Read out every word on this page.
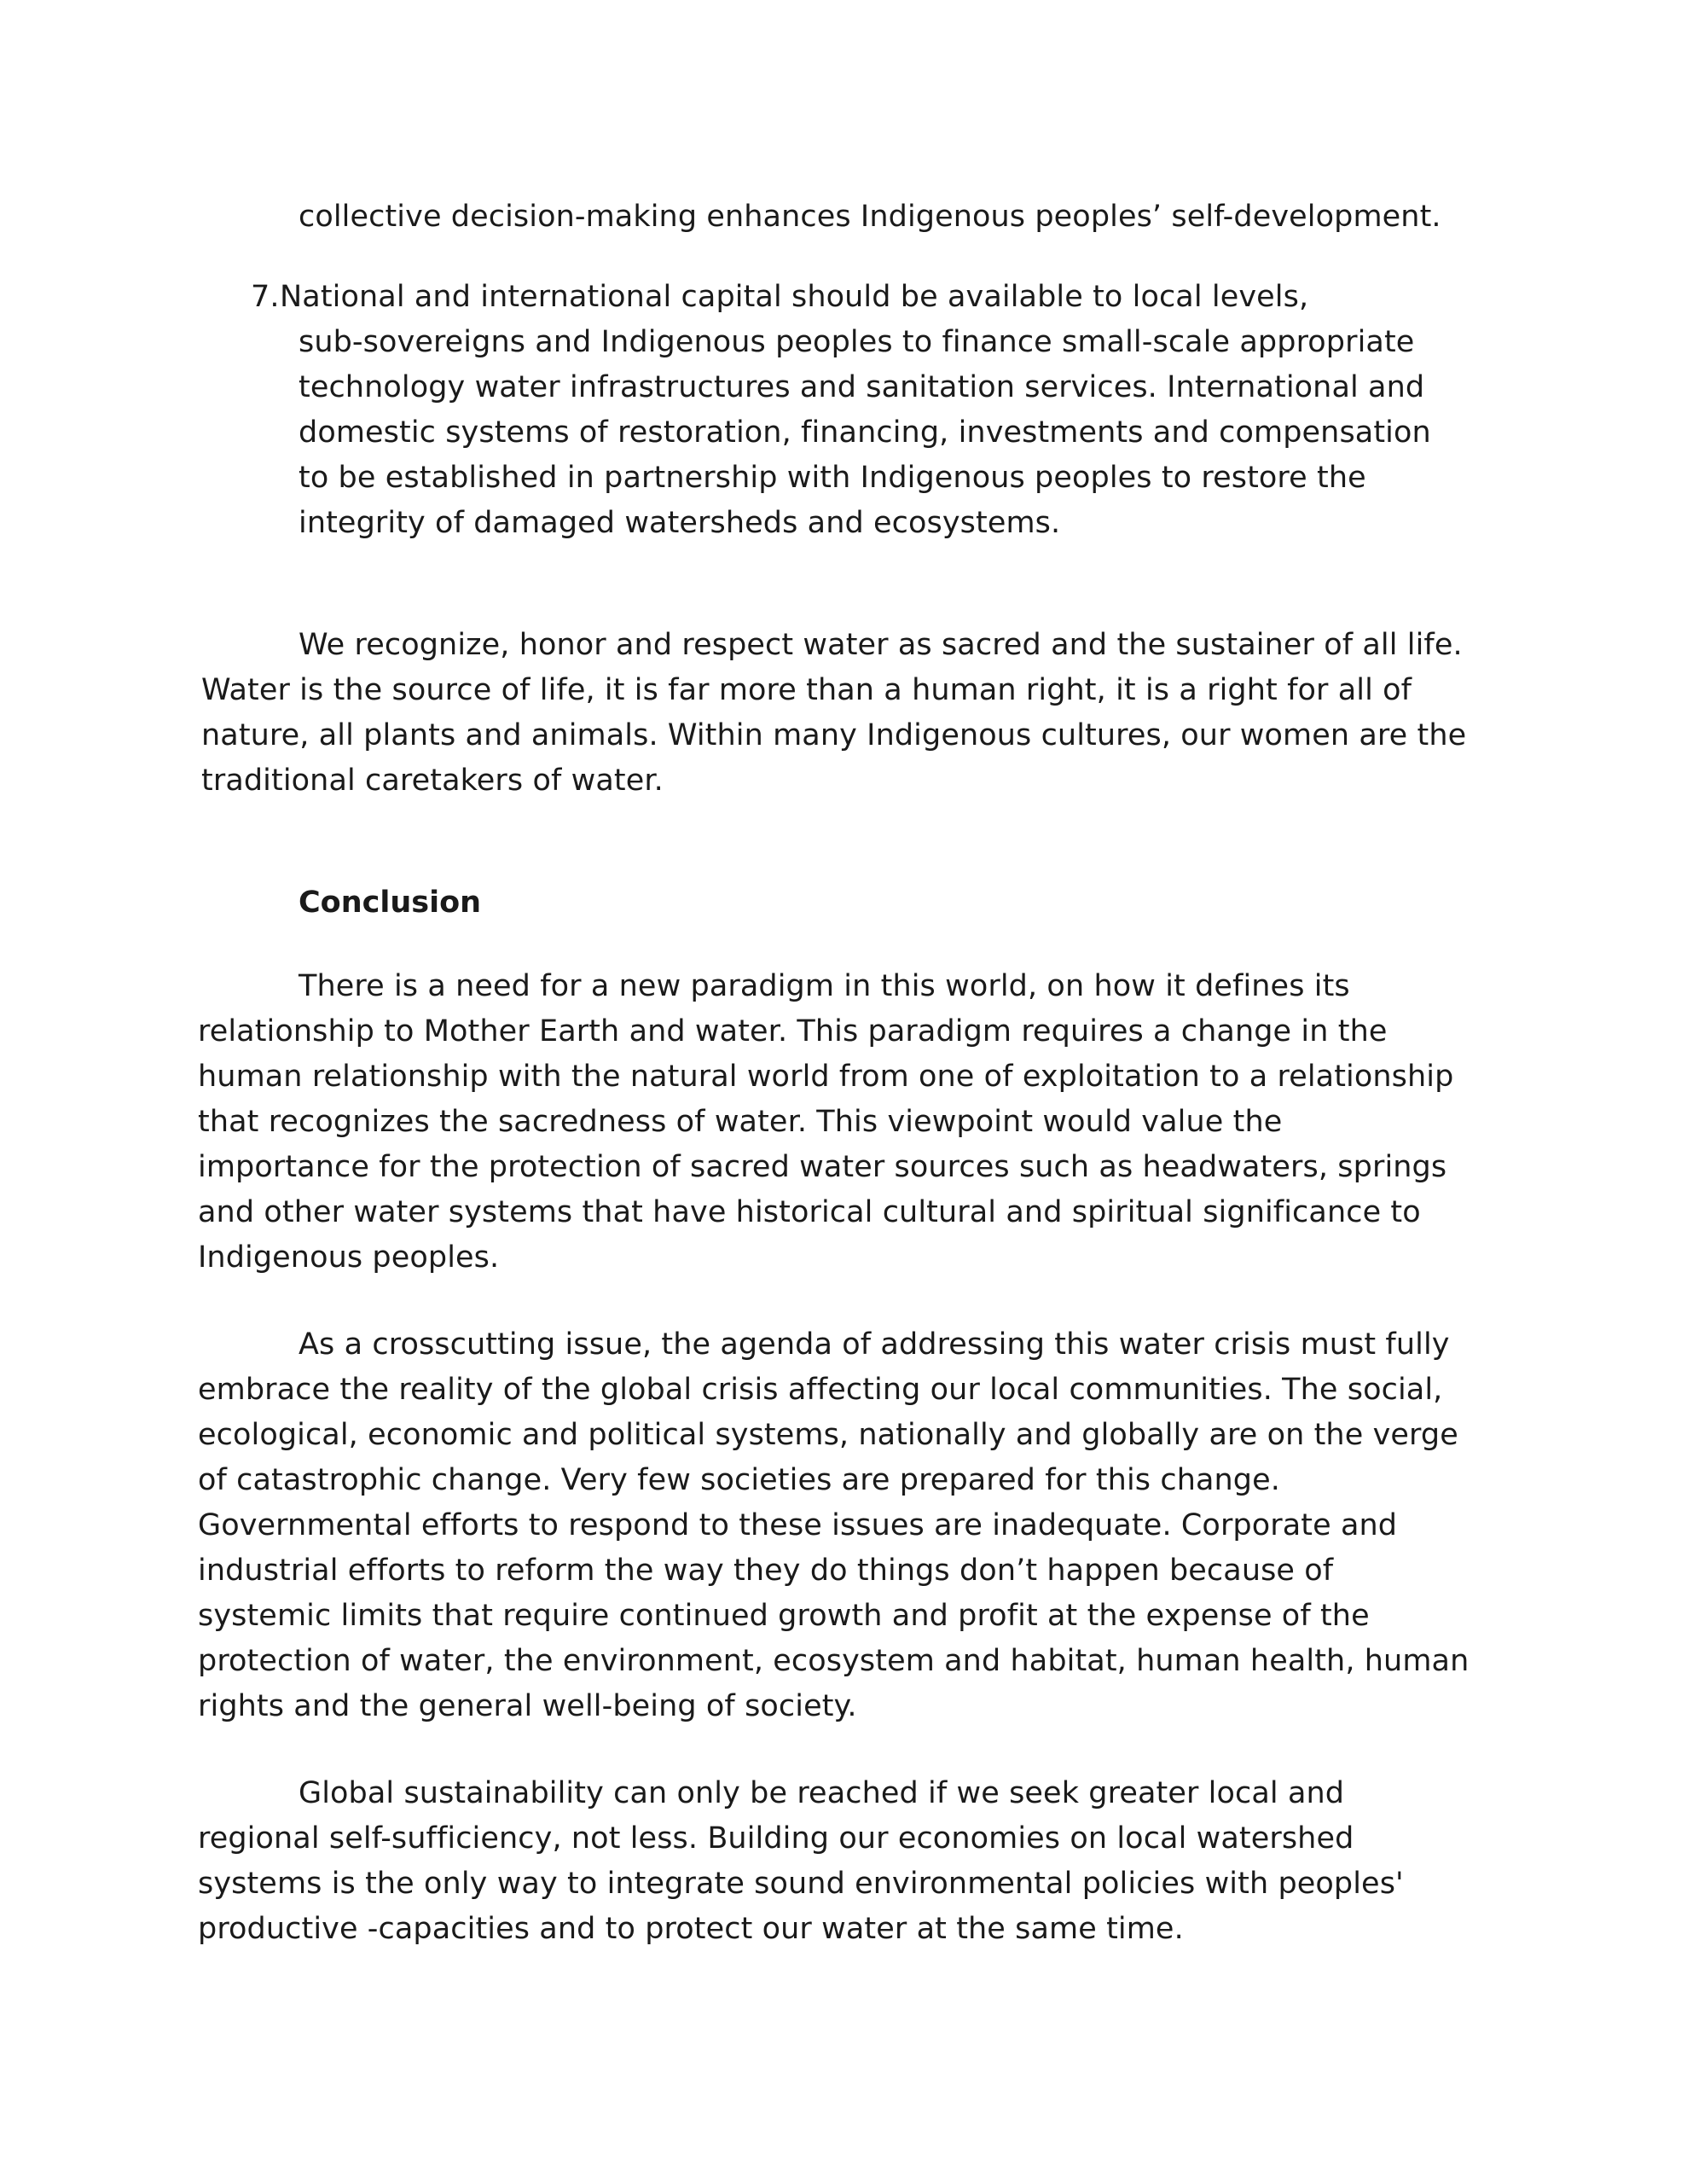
collective decision-making enhances Indigenous peoples’ self-development.
7. National and international capital should be available to local levels,
sub-sovereigns and Indigenous peoples to finance small-scale appropriate
technology water infrastructures and sanitation services. International and
domestic systems of restoration, financing, investments and compensation
to be established in partnership with Indigenous peoples to restore the
integrity of damaged watersheds and ecosystems.
We recognize, honor and respect water as sacred and the sustainer of all life.
Water is the source of life, it is far more than a human right, it is a right for all of
nature, all plants and animals. Within many Indigenous cultures, our women are the
traditional caretakers of water.
Conclusion
There is a need for a new paradigm in this world, on how it defines its
relationship to Mother Earth and water. This paradigm requires a change in the
human relationship with the natural world from one of exploitation to a relationship
that recognizes the sacredness of water. This viewpoint would value the
importance for the protection of sacred water sources such as headwaters, springs
and other water systems that have historical cultural and spiritual significance to
Indigenous peoples.
As a crosscutting issue, the agenda of addressing this water crisis must fully
embrace the reality of the global crisis affecting our local communities. The social,
ecological, economic and political systems, nationally and globally are on the verge
of catastrophic change. Very few societies are prepared for this change.
Governmental efforts to respond to these issues are inadequate. Corporate and
industrial efforts to reform the way they do things don’t happen because of
systemic limits that require continued growth and profit at the expense of the
protection of water, the environment, ecosystem and habitat, human health, human
rights and the general well-being of society.
Global sustainability can only be reached if we seek greater local and
regional self-sufficiency, not less. Building our economies on local watershed
systems is the only way to integrate sound environmental policies with peoples'
productive -capacities and to protect our water at the same time.
